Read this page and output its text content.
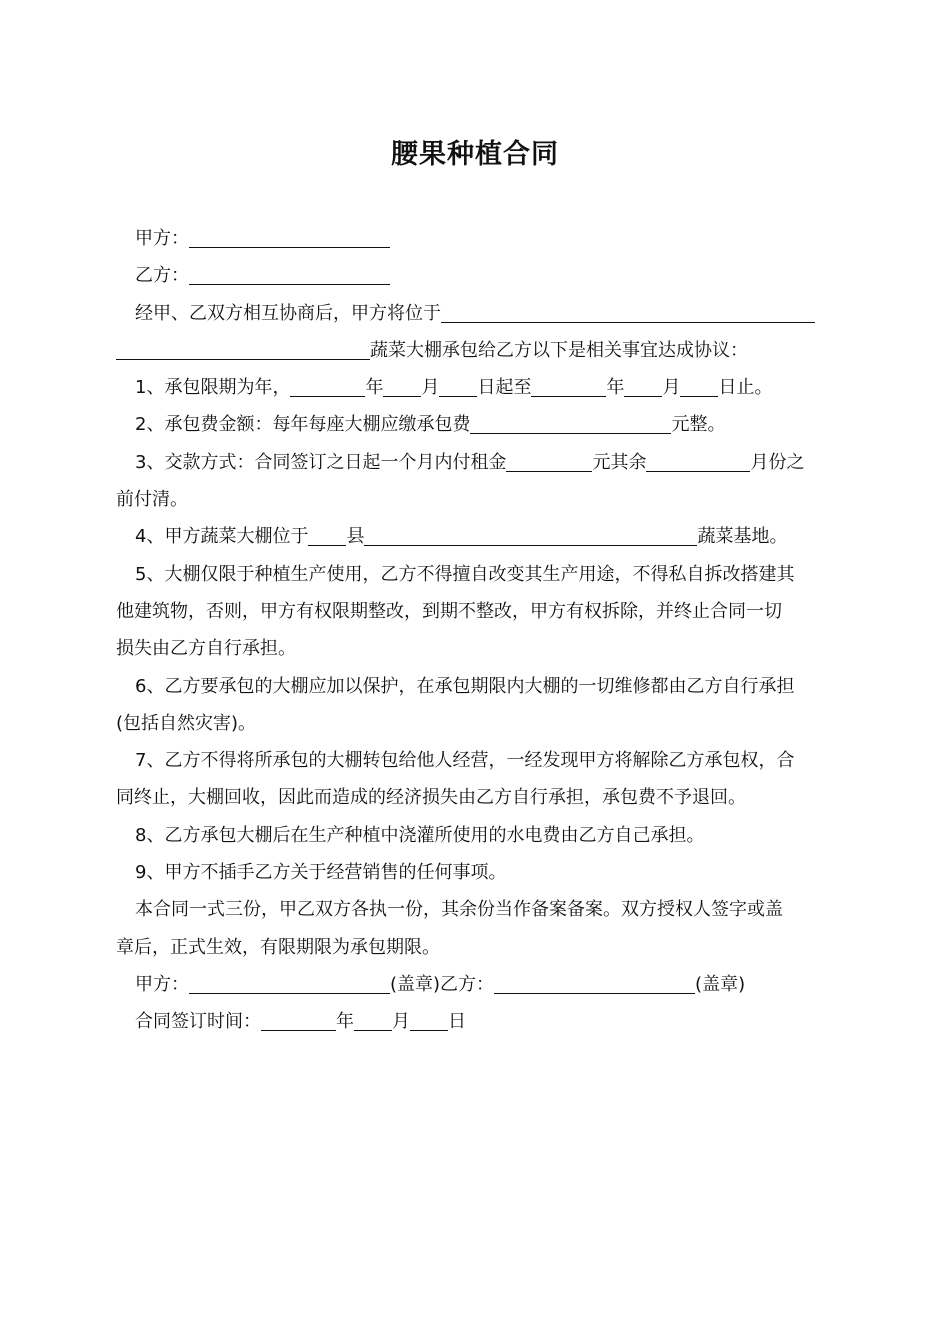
腰果种植合同
甲方：
乙方：
经甲、乙双方相互协商后，甲方将位于
蔬菜大棚承包给乙方以下是相关事宜达成协议：
1、承包限期为年，	年 月 日起至	年 月 日止。
2、承包费金额：每年每座大棚应缴承包费	元整。
3、交款方式：合同签订之日起一个月内付租金	元其余	月份之
前付清。
4、甲方蔬菜大棚位于 县	蔬菜基地。
5、大棚仅限于种植生产使用，乙方不得擅自改变其生产用途，不得私自拆改搭建其
他建筑物，否则，甲方有权限期整改，到期不整改，甲方有权拆除，并终止合同一切
损失由乙方自行承担。
6、乙方要承包的大棚应加以保护，在承包期限内大棚的一切维修都由乙方自行承担
(包括自然灾害)。
7、乙方不得将所承包的大棚转包给他人经营，一经发现甲方将解除乙方承包权，合
同终止，大棚回收，因此而造成的经济损失由乙方自行承担，承包费不予退回。
8、乙方承包大棚后在生产种植中浇灌所使用的水电费由乙方自己承担。
9、甲方不插手乙方关于经营销售的任何事项。
本合同一式三份，甲乙双方各执一份，其余份当作备案备案。双方授权人签字或盖
章后，正式生效，有限期限为承包期限。
甲方：	(盖章)乙方：	(盖章)
合同签订时间：	年 月 日
